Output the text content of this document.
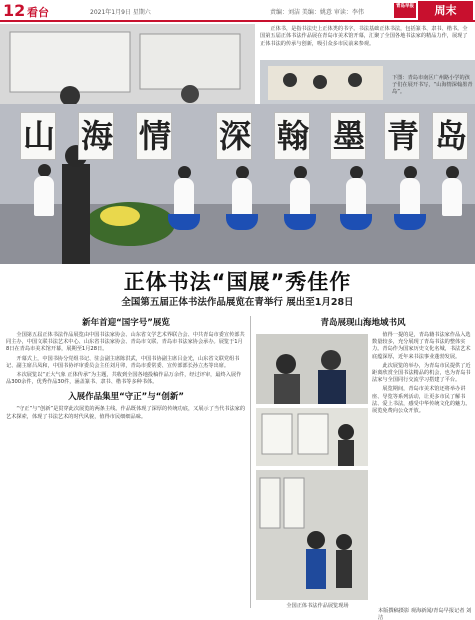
12 看台	2021年1月9日 星期六	责编：刘洁 美编：姚意 审读：李伟
青岛早报	周末
正体书，是指书法史上正体类的书字。书法基础正体书法，包括篆书、隶书、楷书。全国第五届正体书法作品展在青岛市美术馆开幕，汇聚了全国各地书法家的精品力作，展现了正体书法的传承与创新，吸引众多市民前来参观。
下图：青岛市南区广州路小学的孩子们在展开书写，“山海情深翰墨青岛”。
山 海 情 深 翰 墨 青 岛
正体书法“国展”秀佳作
全国第五届正体书法作品展览在青举行 展出至1月28日
新年首迎“国字号”展览

全国第五届正体书法作品展览由中国书法家协会、山东省文学艺术界联合会、中共青岛市委宣传部共同主办，中国文联书法艺术中心、山东省书法家协会、青岛市文联、青岛市书法家协会承办。展览于1月8日在青岛市美术馆开幕，展期至1月28日。

开幕式上，中国书协分党组书记、驻会副主席陈洪武，中国书协副主席吕金光，山东省文联党组书记、副主席吕凤和，中国书协评审委员会主任刘月卯，青岛市委常委、宣传部部长孙立杰等出席。

本次展览以“正大气象 正体传承”为主题，共收到全国各地投稿作品万余件，经过评审，最终入展作品300余件，优秀作品30件，涵盖篆书、隶书、楷书等多种书体。

入展作品集里“守正”与“创新”

“守正”与“创新”是贯穿此次展览的两条主线。作品既体现了深厚的传统功底，又展示了当代书法家的艺术探索，体现了书法艺术的时代风貌，值得市民细细品味。

青岛展现山海地域书风

值得一提的是，青岛籍书法家作品入选数量较多，充分展现了青岛书法的整体实力。青岛作为国家历史文化名城，书法艺术底蕴深厚，近年来书法事业蓬勃发展。

此次展览的举办，为青岛市民提供了近距离欣赏全国书法精品的机会，也为青岛书法家与全国同行交流学习搭建了平台。

展览期间，青岛市美术馆还将举办讲座、导览等系列活动，让更多市民了解书法、爱上书法，感受中华传统文化的魅力。展览免费向公众开放。

全国正体书法作品展览现场
本版撰稿摄影 观海新闻/青岛早报记者 刘洁
